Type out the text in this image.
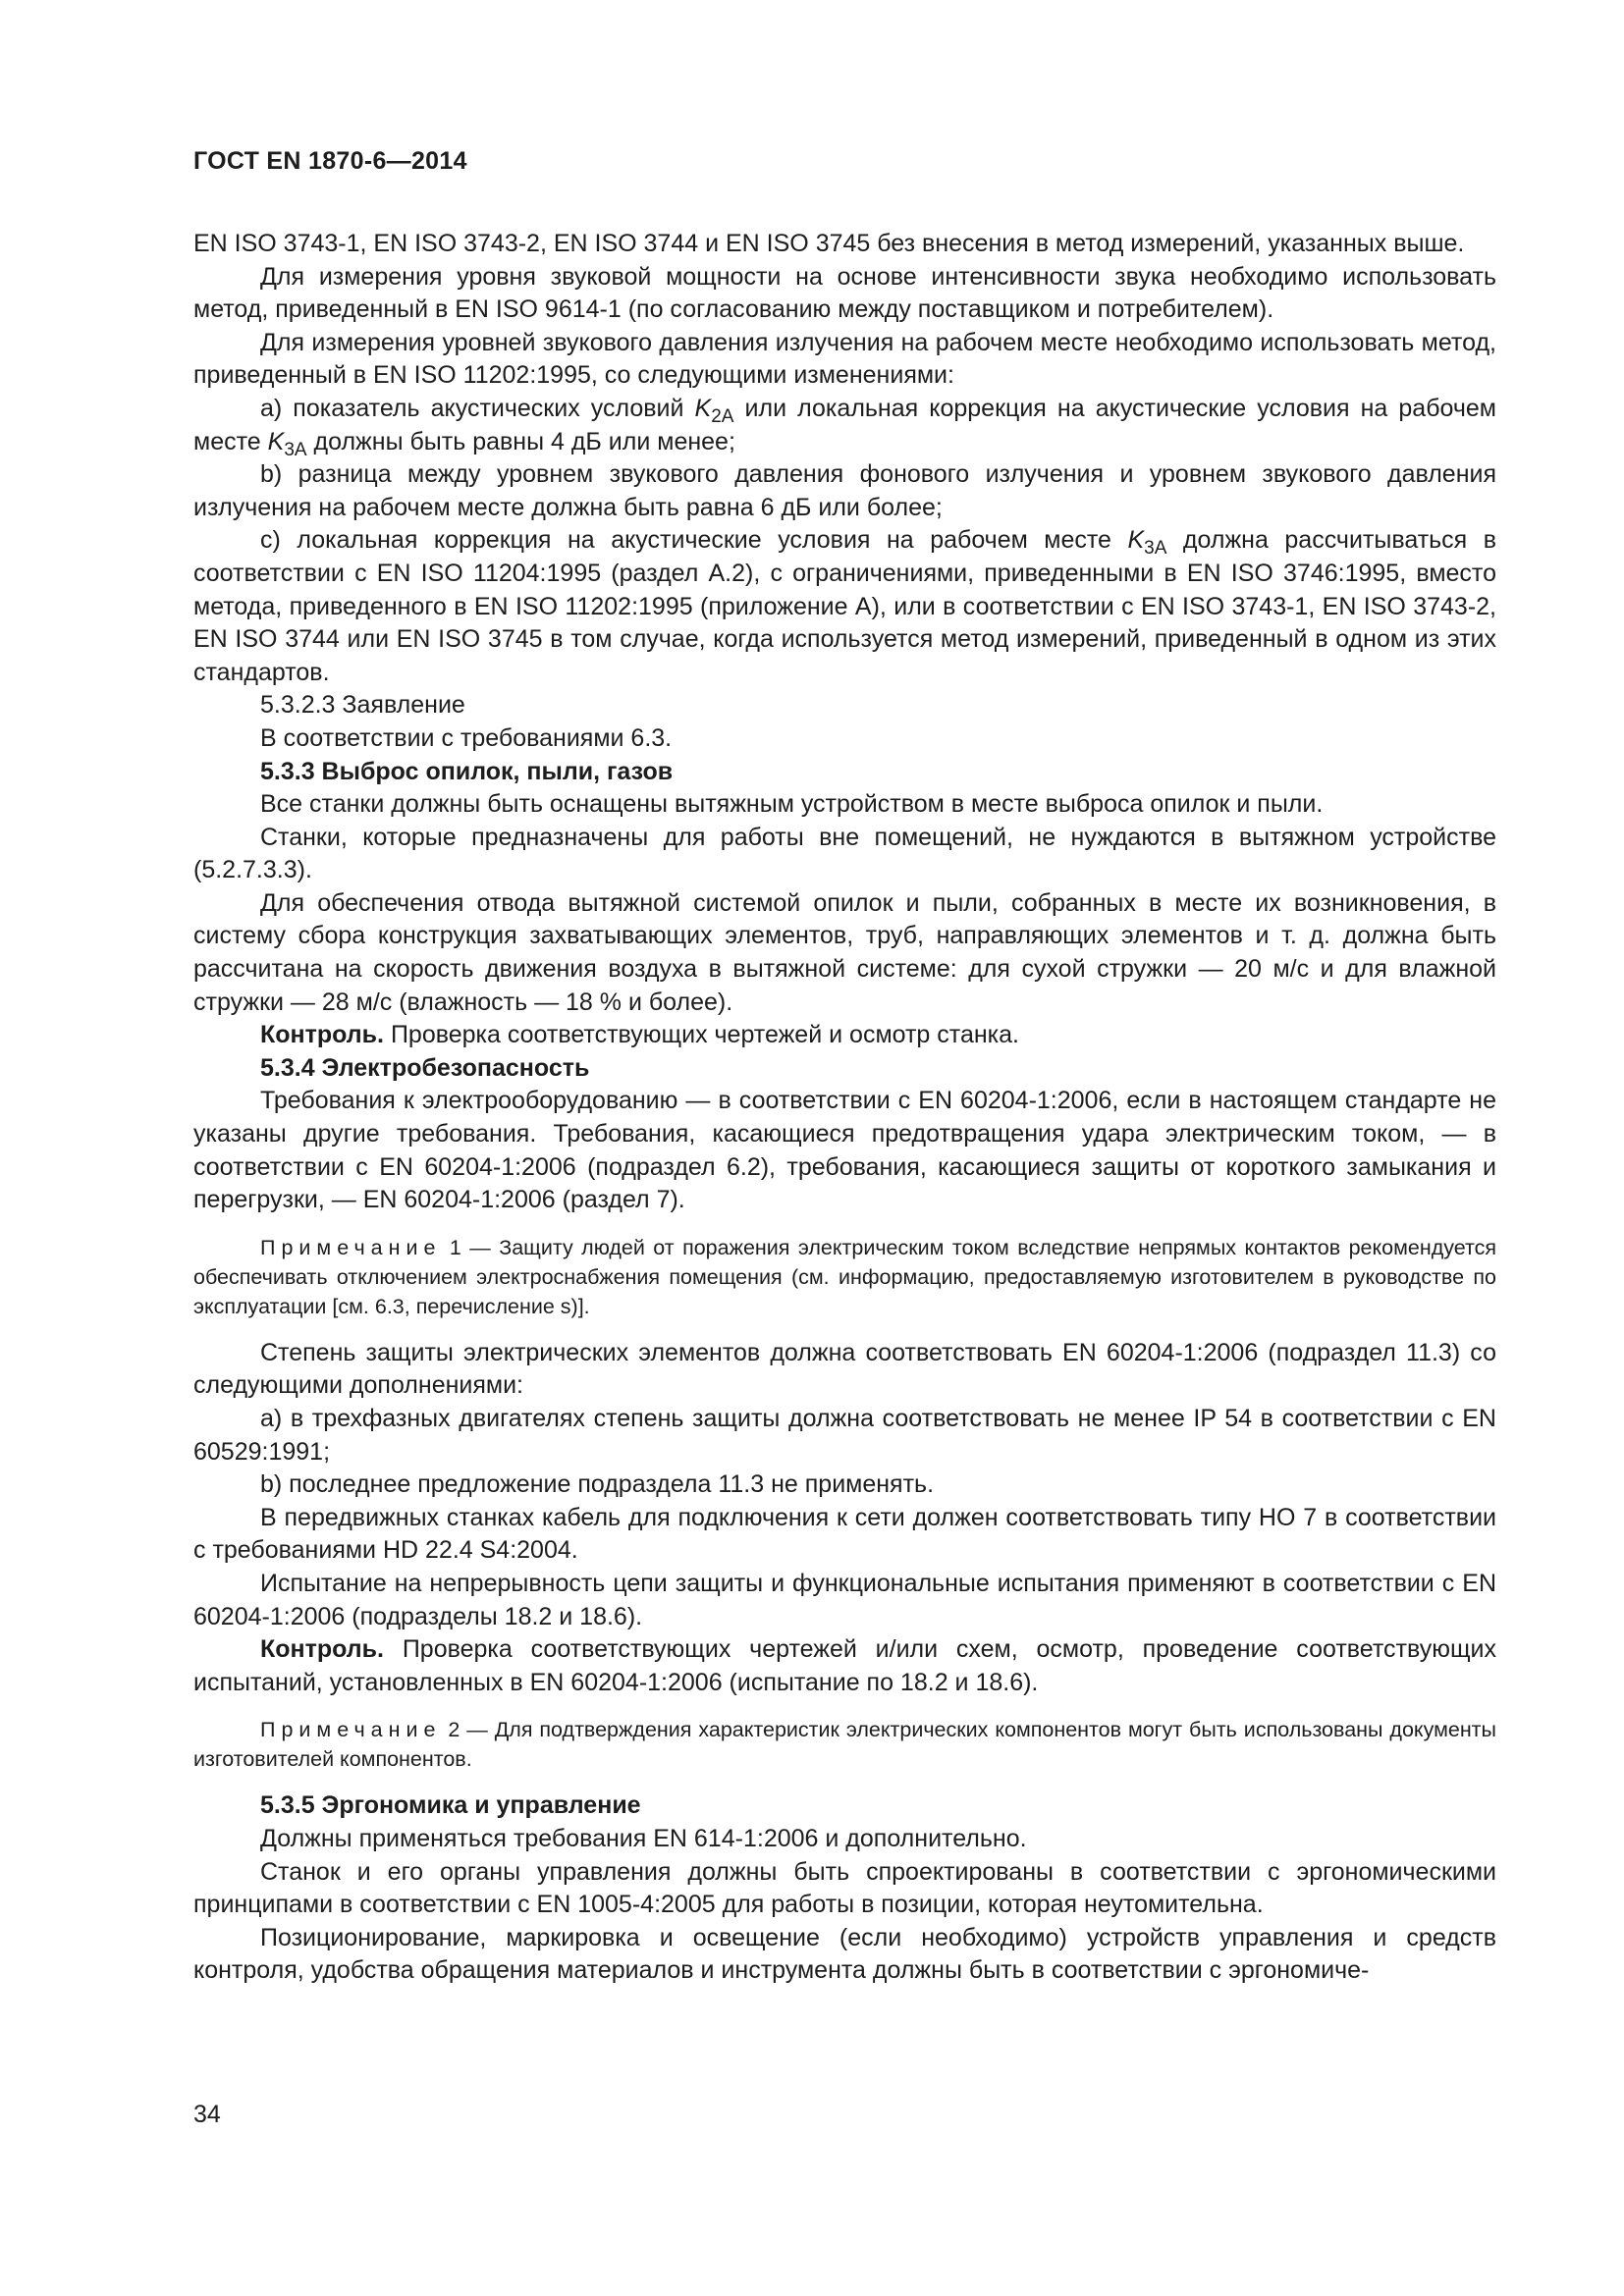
ГОСТ EN 1870-6—2014

EN ISO 3743-1, EN ISO 3743-2, EN ISO 3744 и EN ISO 3745 без внесения в метод измерений, указанных выше.

Для измерения уровня звуковой мощности на основе интенсивности звука необходимо использовать метод, приведенный в EN ISO 9614-1 (по согласованию между поставщиком и потребителем).

Для измерения уровней звукового давления излучения на рабочем месте необходимо использовать метод, приведенный в EN ISO 11202:1995, со следующими изменениями:

а) показатель акустических условий $K_{2A}$ или локальная коррекция на акустические условия на рабочем месте $K_{3A}$ должны быть равны 4 дБ или менее;

b) разница между уровнем звукового давления фонового излучения и уровнем звукового давления излучения на рабочем месте должна быть равна 6 дБ или более;

с) локальная коррекция на акустические условия на рабочем месте $K_{3A}$ должна рассчитываться в соответствии с EN ISO 11204:1995 (раздел А.2), с ограничениями, приведенными в EN ISO 3746:1995, вместо метода, приведенного в EN ISO 11202:1995 (приложение А), или в соответствии с EN ISO 3743-1, EN ISO 3743-2, EN ISO 3744 или EN ISO 3745 в том случае, когда используется метод измерений, приведенный в одном из этих стандартов.

5.3.2.3 Заявление

В соответствии с требованиями 6.3.

5.3.3 Выброс опилок, пыли, газов

Все станки должны быть оснащены вытяжным устройством в месте выброса опилок и пыли.

Станки, которые предназначены для работы вне помещений, не нуждаются в вытяжном устройстве (5.2.7.3.3).

Для обеспечения отвода вытяжной системой опилок и пыли, собранных в месте их возникновения, в систему сбора конструкция захватывающих элементов, труб, направляющих элементов и т. д. должна быть рассчитана на скорость движения воздуха в вытяжной системе: для сухой стружки — 20 м/с и для влажной стружки — 28 м/с (влажность — 18 % и более).

Контроль. Проверка соответствующих чертежей и осмотр станка.

5.3.4 Электробезопасность

Требования к электрооборудованию — в соответствии с EN 60204-1:2006, если в настоящем стандарте не указаны другие требования. Требования, касающиеся предотвращения удара электрическим током, — в соответствии с EN 60204-1:2006 (подраздел 6.2), требования, касающиеся защиты от короткого замыкания и перегрузки, — EN 60204-1:2006 (раздел 7).

Примечание 1 — Защиту людей от поражения электрическим током вследствие непрямых контактов рекомендуется обеспечивать отключением электроснабжения помещения (см. информацию, предоставляемую изготовителем в руководстве по эксплуатации [см. 6.3, перечисление s)].

Степень защиты электрических элементов должна соответствовать EN 60204-1:2006 (подраздел 11.3) со следующими дополнениями:

а) в трехфазных двигателях степень защиты должна соответствовать не менее IP 54 в соответствии с EN 60529:1991;

b) последнее предложение подраздела 11.3 не применять.

В передвижных станках кабель для подключения к сети должен соответствовать типу НО 7 в соответствии с требованиями HD 22.4 S4:2004.

Испытание на непрерывность цепи защиты и функциональные испытания применяют в соответствии с EN 60204-1:2006 (подразделы 18.2 и 18.6).

Контроль. Проверка соответствующих чертежей и/или схем, осмотр, проведение соответствующих испытаний, установленных в EN 60204-1:2006 (испытание по 18.2 и 18.6).

Примечание 2 — Для подтверждения характеристик электрических компонентов могут быть использованы документы изготовителей компонентов.

5.3.5 Эргономика и управление

Должны применяться требования EN 614-1:2006 и дополнительно.

Станок и его органы управления должны быть спроектированы в соответствии с эргономическими принципами в соответствии с EN 1005-4:2005 для работы в позиции, которая неутомительна.

Позиционирование, маркировка и освещение (если необходимо) устройств управления и средств контроля, удобства обращения материалов и инструмента должны быть в соответствии с эргономиче-

34
